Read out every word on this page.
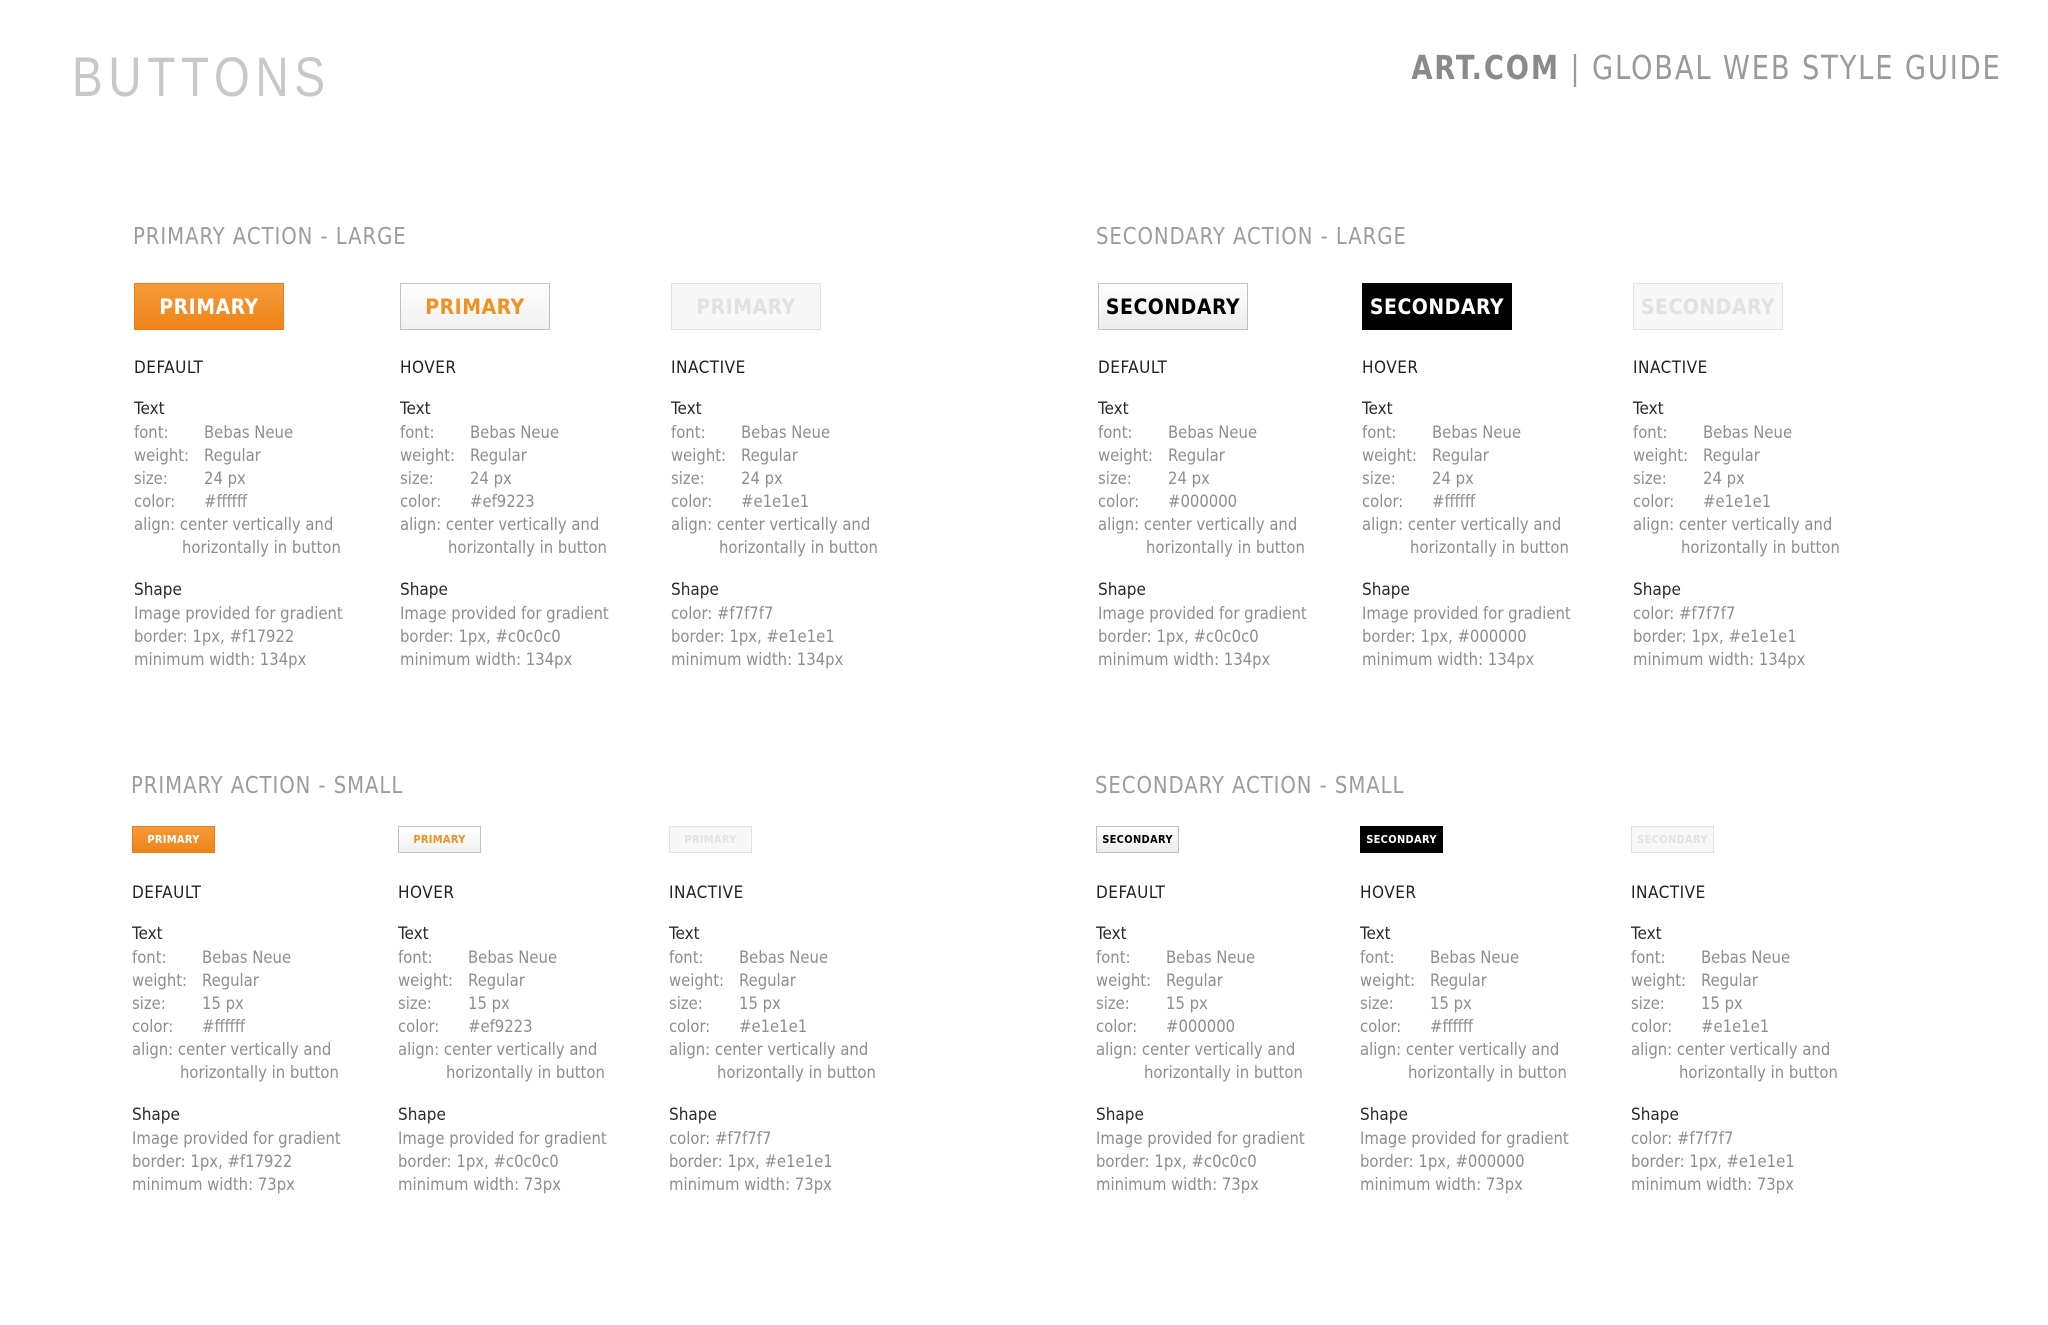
BUTTONS	ART.COM | GLOBAL WEB STYLE GUIDE
PRIMARY ACTION - LARGE
PRIMARY
DEFAULT
Text
font: Bebas Neue
weight: Regular
size: 24 px
color: #ffffff
align: center vertically and
horizontally in button
Shape
Image provided for gradient
border: 1px, #f17922
minimum width: 134px
PRIMARY
HOVER
Text
font: Bebas Neue
weight: Regular
size: 24 px
color: #ef9223
align: center vertically and
horizontally in button
Shape
Image provided for gradient
border: 1px, #c0c0c0
minimum width: 134px
PRIMARY
INACTIVE
Text
font: Bebas Neue
weight: Regular
size: 24 px
color: #e1e1e1
align: center vertically and
horizontally in button
Shape
color: #f7f7f7
border: 1px, #e1e1e1
minimum width: 134px
SECONDARY ACTION - LARGE
SECONDARY
DEFAULT
Text
font: Bebas Neue
weight: Regular
size: 24 px
color: #000000
align: center vertically and
horizontally in button
Shape
Image provided for gradient
border: 1px, #c0c0c0
minimum width: 134px
SECONDARY
HOVER
Text
font: Bebas Neue
weight: Regular
size: 24 px
color: #ffffff
align: center vertically and
horizontally in button
Shape
Image provided for gradient
border: 1px, #000000
minimum width: 134px
SECONDARY
INACTIVE
Text
font: Bebas Neue
weight: Regular
size: 24 px
color: #e1e1e1
align: center vertically and
horizontally in button
Shape
color: #f7f7f7
border: 1px, #e1e1e1
minimum width: 134px
PRIMARY ACTION - SMALL
PRIMARY
DEFAULT
Text
font: Bebas Neue
weight: Regular
size: 15 px
color: #ffffff
align: center vertically and
horizontally in button
Shape
Image provided for gradient
border: 1px, #f17922
minimum width: 73px
PRIMARY
HOVER
Text
font: Bebas Neue
weight: Regular
size: 15 px
color: #ef9223
align: center vertically and
horizontally in button
Shape
Image provided for gradient
border: 1px, #c0c0c0
minimum width: 73px
PRIMARY
INACTIVE
Text
font: Bebas Neue
weight: Regular
size: 15 px
color: #e1e1e1
align: center vertically and
horizontally in button
Shape
color: #f7f7f7
border: 1px, #e1e1e1
minimum width: 73px
SECONDARY ACTION - SMALL
SECONDARY
DEFAULT
Text
font: Bebas Neue
weight: Regular
size: 15 px
color: #000000
align: center vertically and
horizontally in button
Shape
Image provided for gradient
border: 1px, #c0c0c0
minimum width: 73px
SECONDARY
HOVER
Text
font: Bebas Neue
weight: Regular
size: 15 px
color: #ffffff
align: center vertically and
horizontally in button
Shape
Image provided for gradient
border: 1px, #000000
minimum width: 73px
SECONDARY
INACTIVE
Text
font: Bebas Neue
weight: Regular
size: 15 px
color: #e1e1e1
align: center vertically and
horizontally in button
Shape
color: #f7f7f7
border: 1px, #e1e1e1
minimum width: 73px
